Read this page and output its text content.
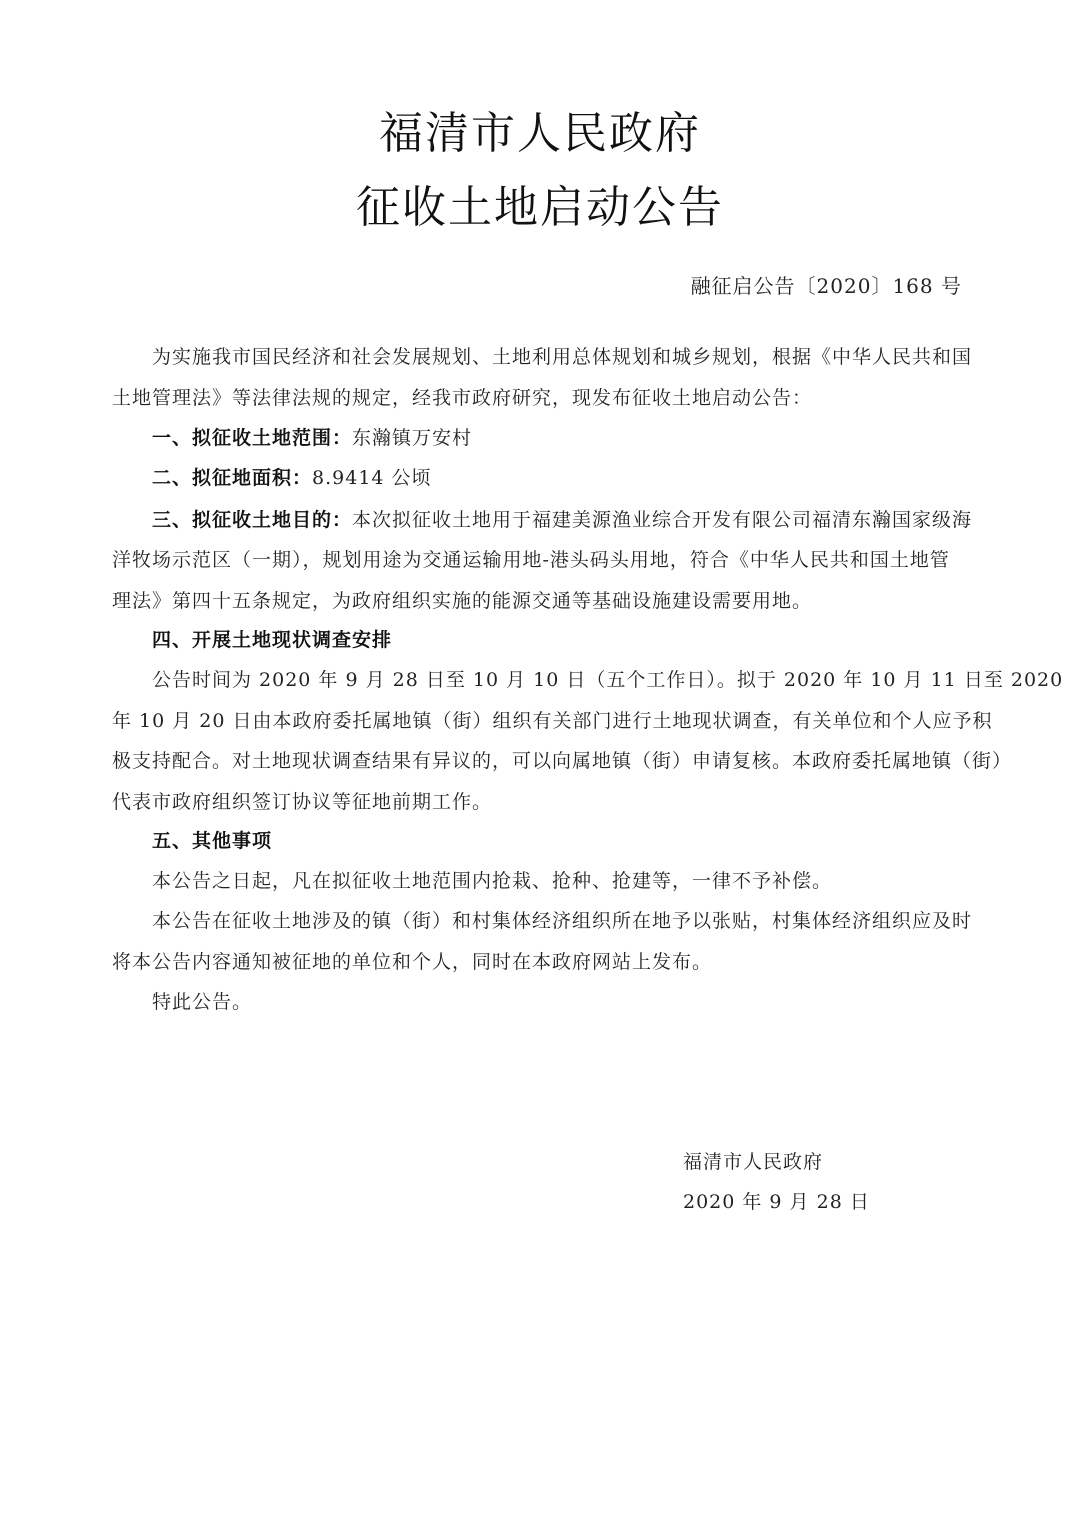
福清市人民政府
征收土地启动公告
融征启公告〔2020〕168 号
为实施我市国民经济和社会发展规划、土地利用总体规划和城乡规划，根据《中华人民共和国
土地管理法》等法律法规的规定，经我市政府研究，现发布征收土地启动公告：
一、拟征收土地范围：东瀚镇万安村
二、拟征地面积：8.9414 公顷
三、拟征收土地目的：本次拟征收土地用于福建美源渔业综合开发有限公司福清东瀚国家级海
洋牧场示范区（一期），规划用途为交通运输用地-港头码头用地，符合《中华人民共和国土地管
理法》第四十五条规定，为政府组织实施的能源交通等基础设施建设需要用地。
四、开展土地现状调查安排
公告时间为 2020 年 9 月 28 日至 10 月 10 日（五个工作日）。拟于 2020 年 10 月 11 日至 2020
年 10 月 20 日由本政府委托属地镇（街）组织有关部门进行土地现状调查，有关单位和个人应予积
极支持配合。对土地现状调查结果有异议的，可以向属地镇（街）申请复核。本政府委托属地镇（街）
代表市政府组织签订协议等征地前期工作。
五、其他事项
本公告之日起，凡在拟征收土地范围内抢栽、抢种、抢建等，一律不予补偿。
本公告在征收土地涉及的镇（街）和村集体经济组织所在地予以张贴，村集体经济组织应及时
将本公告内容通知被征地的单位和个人，同时在本政府网站上发布。
特此公告。
福清市人民政府
2020 年 9 月 28 日
